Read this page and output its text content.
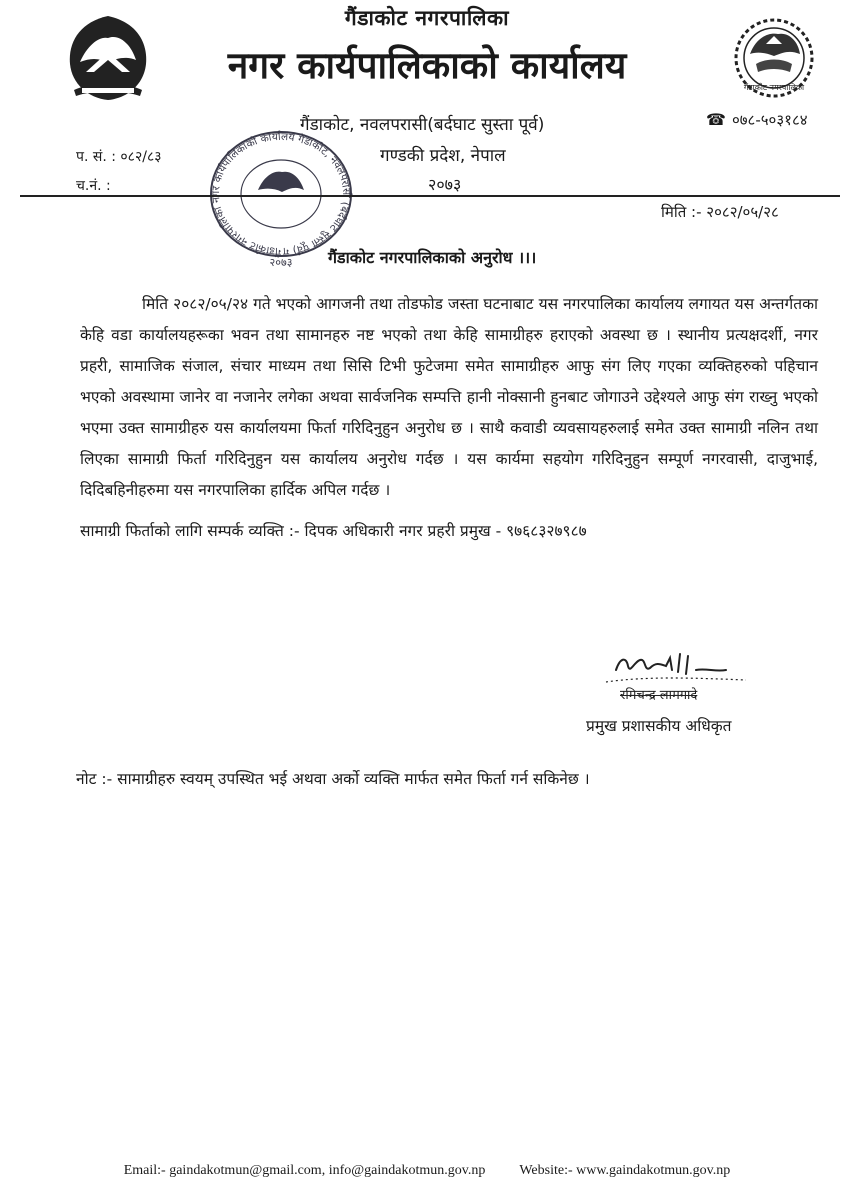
गैंडाकोट नगरपालिका
गैंडाकोट नगरपालिका
नगर कार्यपालिकाको कार्यालय
गैंडाकोट, नवलपरासी(बर्दघाट सुस्ता पूर्व)
गण्डकी प्रदेश, नेपाल
२०७३
☎ ०७८-५०३१८४
प. सं. : ०८२/८३
च.नं. :
गैंडाकोट नगरपालिका नगर कार्यपालिकाको कार्यालय गैंडाकोट, नवलपरासी (बर्दघाट सुस्ता पूर्व) ग
२०७३
मिति :- २०८२/०५/२८
गैंडाकोट नगरपालिकाको अनुरोध ।।।
मिति २०८२/०५/२४ गते भएको आगजनी तथा तोडफोड जस्ता घटनाबाट यस नगरपालिका कार्यालय लगायत यस अन्तर्गतका केहि वडा कार्यालयहरूका भवन तथा सामानहरु नष्ट भएको तथा केहि सामाग्रीहरु हराएको अवस्था छ । स्थानीय प्रत्यक्षदर्शी, नगर प्रहरी, सामाजिक संजाल, संचार माध्यम तथा सिसि टिभी फुटेजमा समेत सामाग्रीहरु आफु संग लिए गएका व्यक्तिहरुको पहिचान भएको अवस्थामा जानेर वा नजानेर लगेका अथवा सार्वजनिक सम्पत्ति हानी नोक्सानी हुनबाट जोगाउने उद्देश्यले आफु संग राख्नु भएको भएमा उक्त सामाग्रीहरु यस कार्यालयमा फिर्ता गरिदिनुहुन अनुरोध छ । साथै कवाडी व्यवसायहरुलाई समेत उक्त सामाग्री नलिन तथा लिएका सामाग्री फिर्ता गरिदिनुहुन यस कार्यालय अनुरोध गर्दछ । यस कार्यमा सहयोग गरिदिनुहुन सम्पूर्ण नगरवासी, दाजुभाई, दिदिबहिनीहरुमा यस नगरपालिका हार्दिक अपिल गर्दछ ।
सामाग्री फिर्ताको लागि सम्पर्क व्यक्ति :- दिपक अधिकारी नगर प्रहरी प्रमुख - ९७६८३२७९८७
रमिचन्द्र लामगादे
प्रमुख प्रशासकीय अधिकृत
नोट :- सामाग्रीहरु स्वयम् उपस्थित भई अथवा अर्को व्यक्ति मार्फत समेत फिर्ता गर्न सकिनेछ ।
Email:- gaindakotmun@gmail.com, info@gaindakotmun.gov.np Website:- www.gaindakotmun.gov.np
